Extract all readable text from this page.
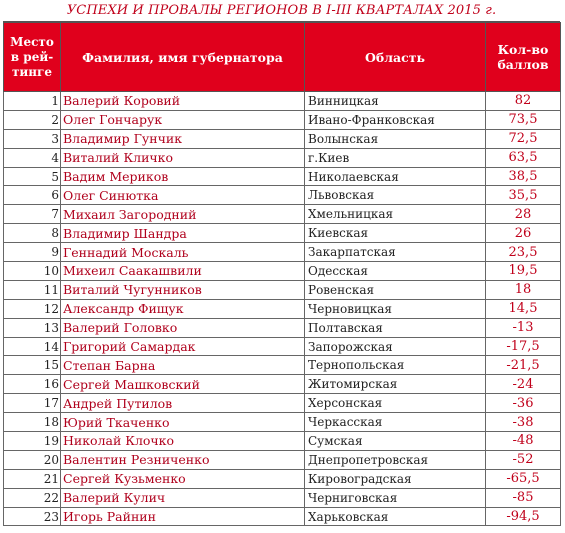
УСПЕХИ И ПРОВАЛЫ РЕГИОНОВ В I-III КВАРТАЛАХ 2015 г.
Место
в рей-
тинге	Фамилия, имя губернатора	Область	Кол-во
баллов
1	Валерий Коровий	Винницкая	82
2	Олег Гончарук	Ивано-Франковская	73,5
3	Владимир Гунчик	Волынская	72,5
4	Виталий Кличко	г.Киев	63,5
5	Вадим Мериков	Николаевская	38,5
6	Олег Синютка	Львовская	35,5
7	Михаил Загородний	Хмельницкая	28
8	Владимир Шандра	Киевская	26
9	Геннадий Москаль	Закарпатская	23,5
10	Михеил Саакашвили	Одесская	19,5
11	Виталий Чугунников	Ровенская	18
12	Александр Фищук	Черновицкая	14,5
13	Валерий Головко	Полтавская	-13
14	Григорий Самардак	Запорожская	-17,5
15	Степан Барна	Тернопольская	-21,5
16	Сергей Машковский	Житомирская	-24
17	Андрей Путилов	Херсонская	-36
18	Юрий Ткаченко	Черкасская	-38
19	Николай Клочко	Сумская	-48
20	Валентин Резниченко	Днепропетровская	-52
21	Сергей Кузьменко	Кировоградская	-65,5
22	Валерий Кулич	Черниговская	-85
23	Игорь Райнин	Харьковская	-94,5
